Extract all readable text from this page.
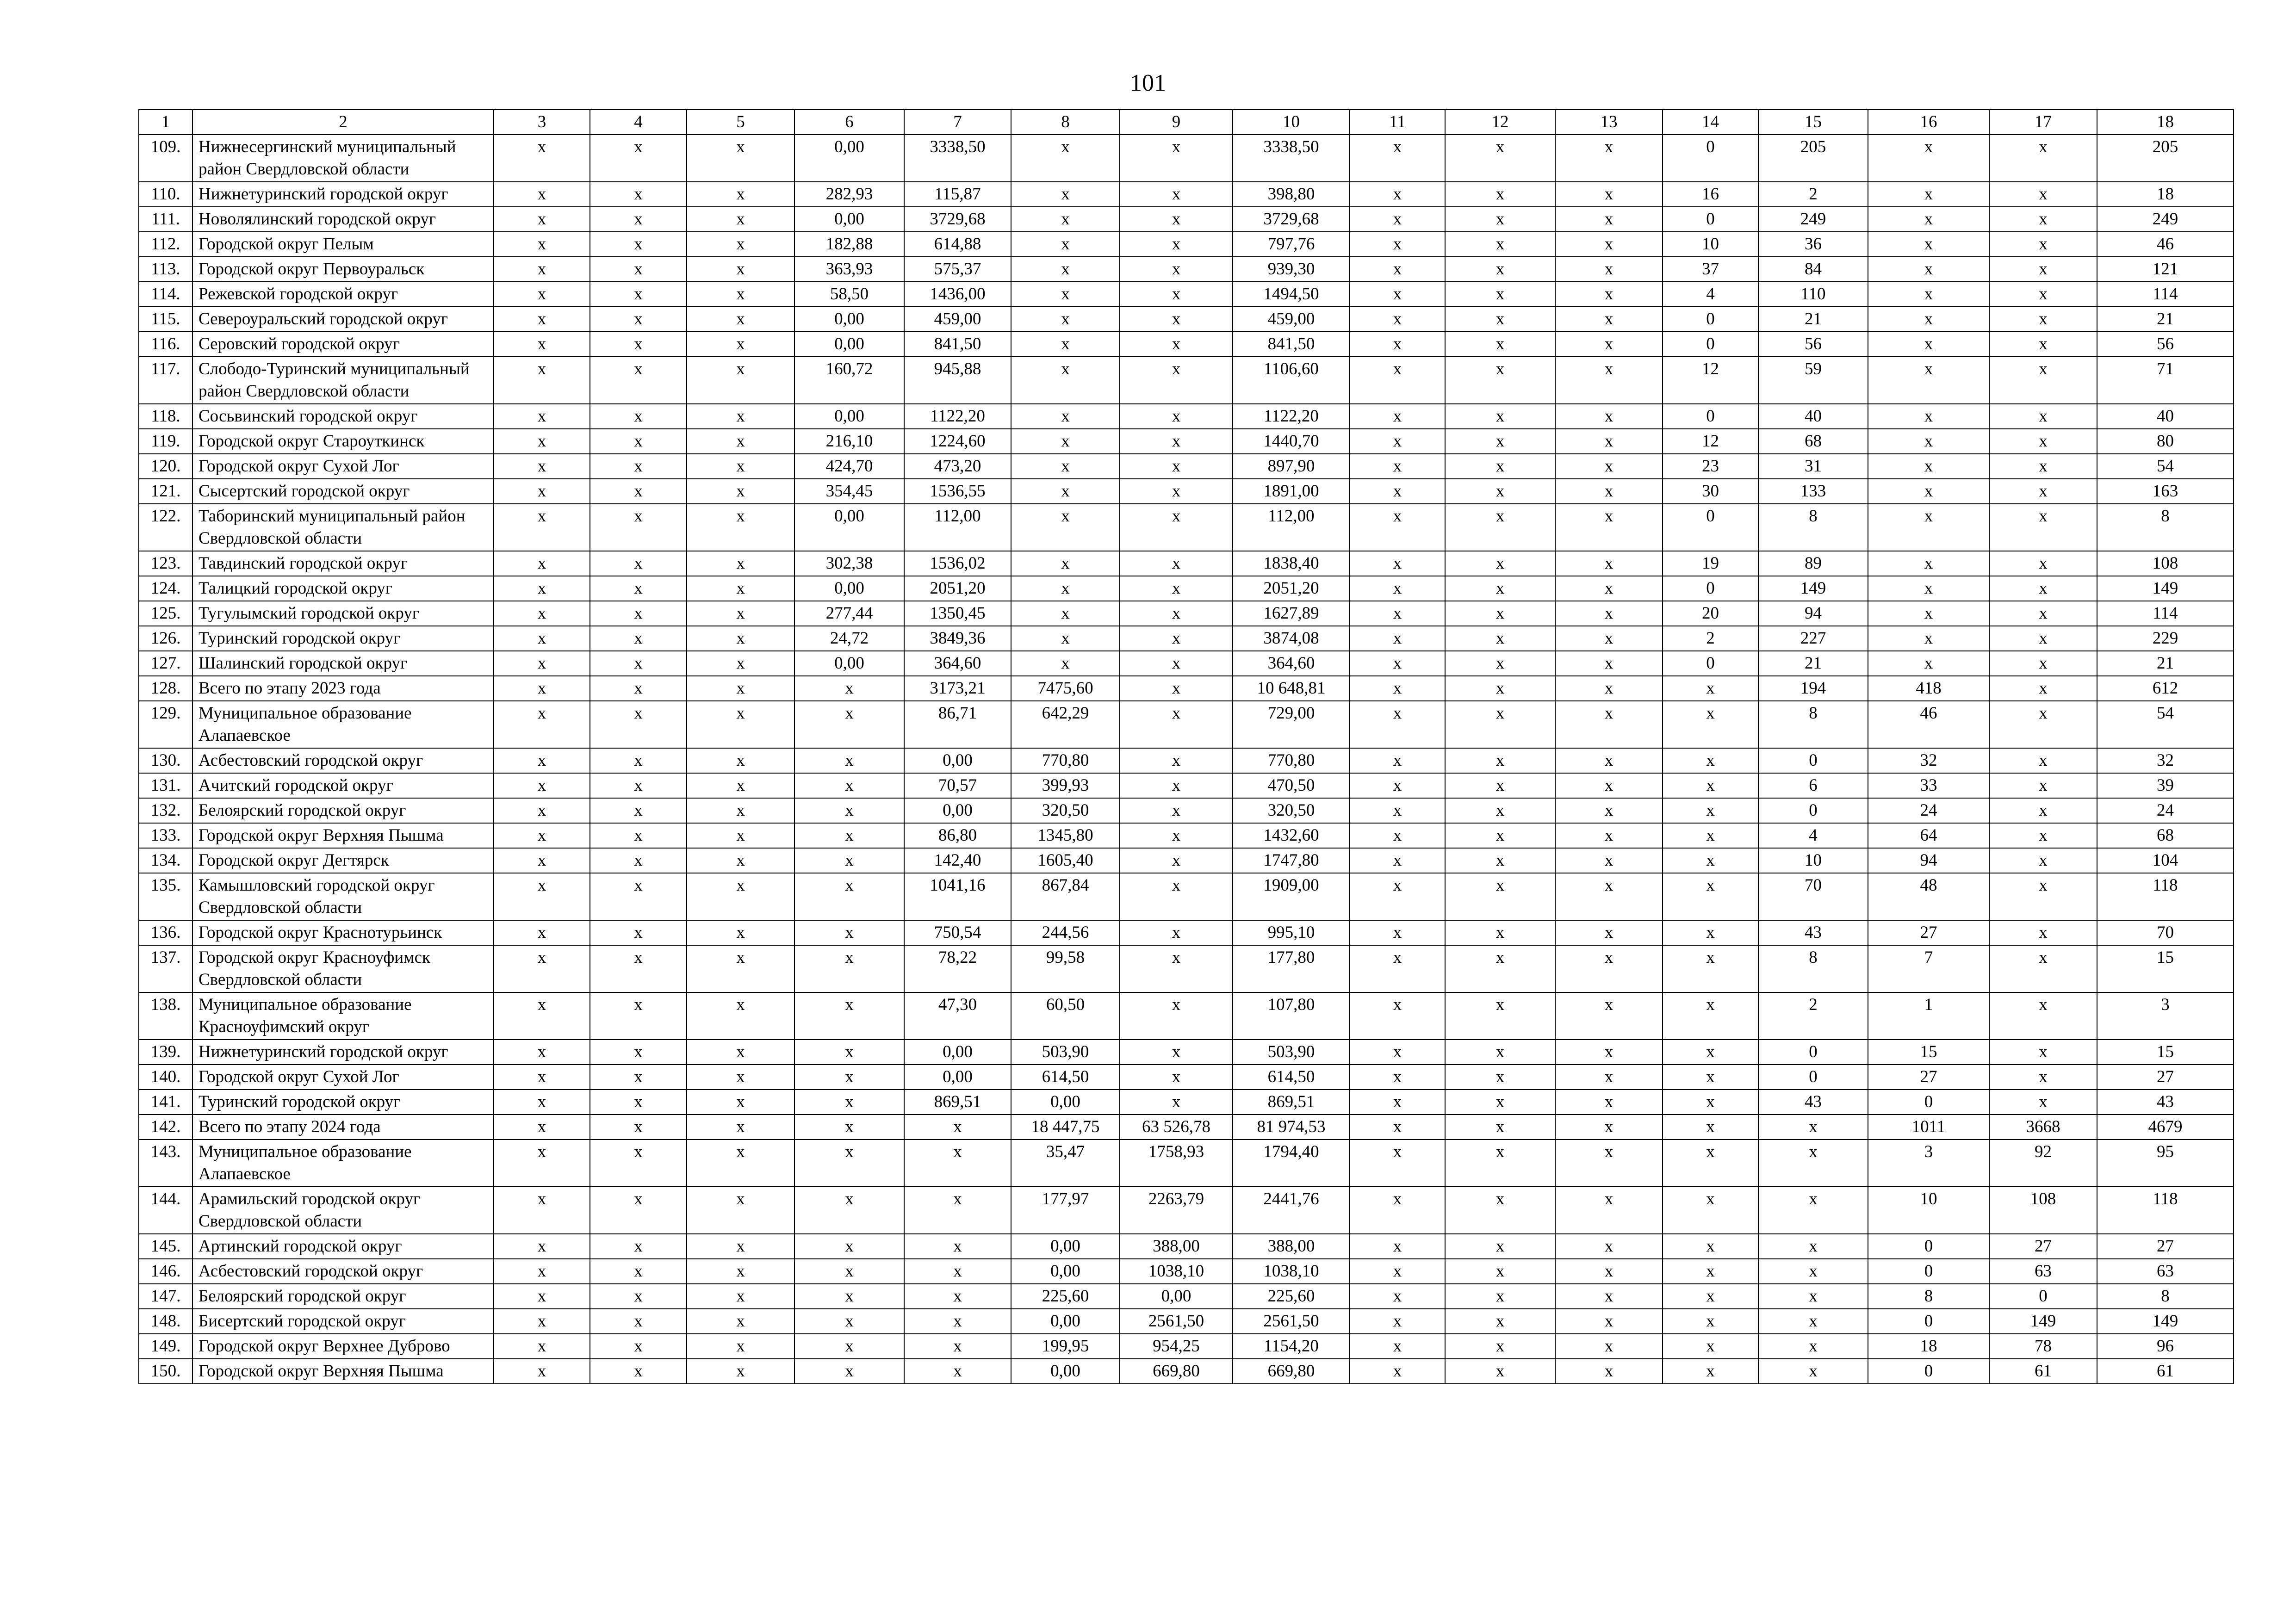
101
1	2	3	4	5	6	7	8	9	10	11	12	13	14	15	16	17	18
109.	Нижнесергинский муниципальный район Свердловской области	х	х	х	0,00	3338,50	х	х	3338,50	х	х	х	0	205	х	х	205
110.	Нижнетуринский городской округ	х	х	х	282,93	115,87	х	х	398,80	х	х	х	16	2	х	х	18
111.	Новолялинский городской округ	х	х	х	0,00	3729,68	х	х	3729,68	х	х	х	0	249	х	х	249
112.	Городской округ Пелым	х	х	х	182,88	614,88	х	х	797,76	х	х	х	10	36	х	х	46
113.	Городской округ Первоуральск	х	х	х	363,93	575,37	х	х	939,30	х	х	х	37	84	х	х	121
114.	Режевской городской округ	х	х	х	58,50	1436,00	х	х	1494,50	х	х	х	4	110	х	х	114
115.	Североуральский городской округ	х	х	х	0,00	459,00	х	х	459,00	х	х	х	0	21	х	х	21
116.	Серовский городской округ	х	х	х	0,00	841,50	х	х	841,50	х	х	х	0	56	х	х	56
117.	Слободо-Туринский муниципальный район Свердловской области	х	х	х	160,72	945,88	х	х	1106,60	х	х	х	12	59	х	х	71
118.	Сосьвинский городской округ	х	х	х	0,00	1122,20	х	х	1122,20	х	х	х	0	40	х	х	40
119.	Городской округ Староуткинск	х	х	х	216,10	1224,60	х	х	1440,70	х	х	х	12	68	х	х	80
120.	Городской округ Сухой Лог	х	х	х	424,70	473,20	х	х	897,90	х	х	х	23	31	х	х	54
121.	Сысертский городской округ	х	х	х	354,45	1536,55	х	х	1891,00	х	х	х	30	133	х	х	163
122.	Таборинский муниципальный район Свердловской области	х	х	х	0,00	112,00	х	х	112,00	х	х	х	0	8	х	х	8
123.	Тавдинский городской округ	х	х	х	302,38	1536,02	х	х	1838,40	х	х	х	19	89	х	х	108
124.	Талицкий городской округ	х	х	х	0,00	2051,20	х	х	2051,20	х	х	х	0	149	х	х	149
125.	Тугулымский городской округ	х	х	х	277,44	1350,45	х	х	1627,89	х	х	х	20	94	х	х	114
126.	Туринский городской округ	х	х	х	24,72	3849,36	х	х	3874,08	х	х	х	2	227	х	х	229
127.	Шалинский городской округ	х	х	х	0,00	364,60	х	х	364,60	х	х	х	0	21	х	х	21
128.	Всего по этапу 2023 года	х	х	х	х	3173,21	7475,60	х	10 648,81	х	х	х	х	194	418	х	612
129.	Муниципальное образование Алапаевское	х	х	х	х	86,71	642,29	х	729,00	х	х	х	х	8	46	х	54
130.	Асбестовский городской округ	х	х	х	х	0,00	770,80	х	770,80	х	х	х	х	0	32	х	32
131.	Ачитский городской округ	х	х	х	х	70,57	399,93	х	470,50	х	х	х	х	6	33	х	39
132.	Белоярский городской округ	х	х	х	х	0,00	320,50	х	320,50	х	х	х	х	0	24	х	24
133.	Городской округ Верхняя Пышма	х	х	х	х	86,80	1345,80	х	1432,60	х	х	х	х	4	64	х	68
134.	Городской округ Дегтярск	х	х	х	х	142,40	1605,40	х	1747,80	х	х	х	х	10	94	х	104
135.	Камышловский городской округ Свердловской области	х	х	х	х	1041,16	867,84	х	1909,00	х	х	х	х	70	48	х	118
136.	Городской округ Краснотурьинск	х	х	х	х	750,54	244,56	х	995,10	х	х	х	х	43	27	х	70
137.	Городской округ Красноуфимск Свердловской области	х	х	х	х	78,22	99,58	х	177,80	х	х	х	х	8	7	х	15
138.	Муниципальное образование Красноуфимский округ	х	х	х	х	47,30	60,50	х	107,80	х	х	х	х	2	1	х	3
139.	Нижнетуринский городской округ	х	х	х	х	0,00	503,90	х	503,90	х	х	х	х	0	15	х	15
140.	Городской округ Сухой Лог	х	х	х	х	0,00	614,50	х	614,50	х	х	х	х	0	27	х	27
141.	Туринский городской округ	х	х	х	х	869,51	0,00	х	869,51	х	х	х	х	43	0	х	43
142.	Всего по этапу 2024 года	х	х	х	х	х	18 447,75	63 526,78	81 974,53	х	х	х	х	х	1011	3668	4679
143.	Муниципальное образование Алапаевское	х	х	х	х	х	35,47	1758,93	1794,40	х	х	х	х	х	3	92	95
144.	Арамильский городской округ Свердловской области	х	х	х	х	х	177,97	2263,79	2441,76	х	х	х	х	х	10	108	118
145.	Артинский городской округ	х	х	х	х	х	0,00	388,00	388,00	х	х	х	х	х	0	27	27
146.	Асбестовский городской округ	х	х	х	х	х	0,00	1038,10	1038,10	х	х	х	х	х	0	63	63
147.	Белоярский городской округ	х	х	х	х	х	225,60	0,00	225,60	х	х	х	х	х	8	0	8
148.	Бисертский городской округ	х	х	х	х	х	0,00	2561,50	2561,50	х	х	х	х	х	0	149	149
149.	Городской округ Верхнее Дуброво	х	х	х	х	х	199,95	954,25	1154,20	х	х	х	х	х	18	78	96
150.	Городской округ Верхняя Пышма	х	х	х	х	х	0,00	669,80	669,80	х	х	х	х	х	0	61	61
